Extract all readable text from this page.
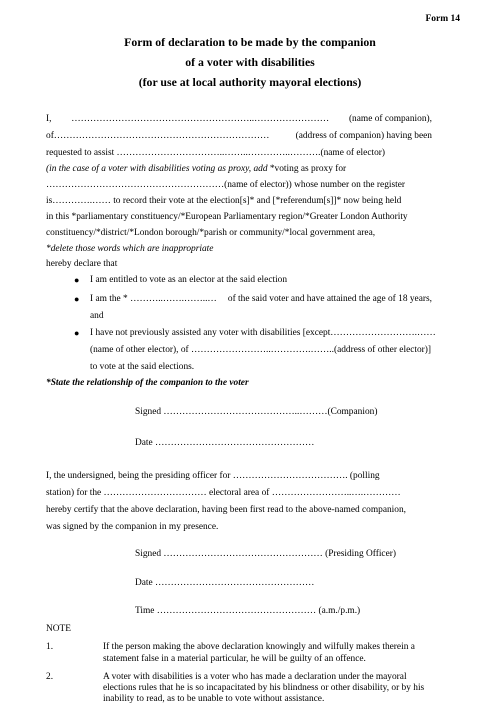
Form 14
Form of declaration to be made by the companion
of a voter with disabilities
(for use at local authority mayoral elections)
I, …………………………………………………..…………………… (name of companion),
of……………………………………………………………	(address of companion) having been
requested to assist ……………………………..……..…………..……….(name of elector)
(in the case of a voter with disabilities voting as proxy, add *voting as proxy for
…………………………………………………(name of elector)) whose number on the register
is………….…… to record their vote at the election[s]* and [*referendum[s]]* now being held
in this *parliamentary constituency/*European Parliamentary region/*Greater London Authority
constituency/*district/*London borough/*parish or community/*local government area,
*delete those words which are inappropriate
hereby declare that
● I am entitled to vote as an elector at the said election
● I am the * ………..…….……..… of the said voter and have attained the age of 18 years,
and
● I have not previously assisted any voter with disabilities [except……………………….……
(name of other elector), of ……………………..………….……..(address of other elector)]
to vote at the said elections.
*State the relationship of the companion to the voter
Signed ……………………………………..………(Companion)
Date ……………………………………………
I, the undersigned, being the presiding officer for ………………………………. (polling
station) for the …………………………… electoral area of ……………………..….…………
hereby certify that the above declaration, having been first read to the above-named companion,
was signed by the companion in my presence.
Signed …………………………………………… (Presiding Officer)
Date ……………………………………………
Time …………………………………………… (a.m./p.m.)
NOTE
1.	If the person making the above declaration knowingly and wilfully makes therein a
statement false in a material particular, he will be guilty of an offence.
2.	A voter with disabilities is a voter who has made a declaration under the mayoral
elections rules that he is so incapacitated by his blindness or other disability, or by his
inability to read, as to be unable to vote without assistance.
